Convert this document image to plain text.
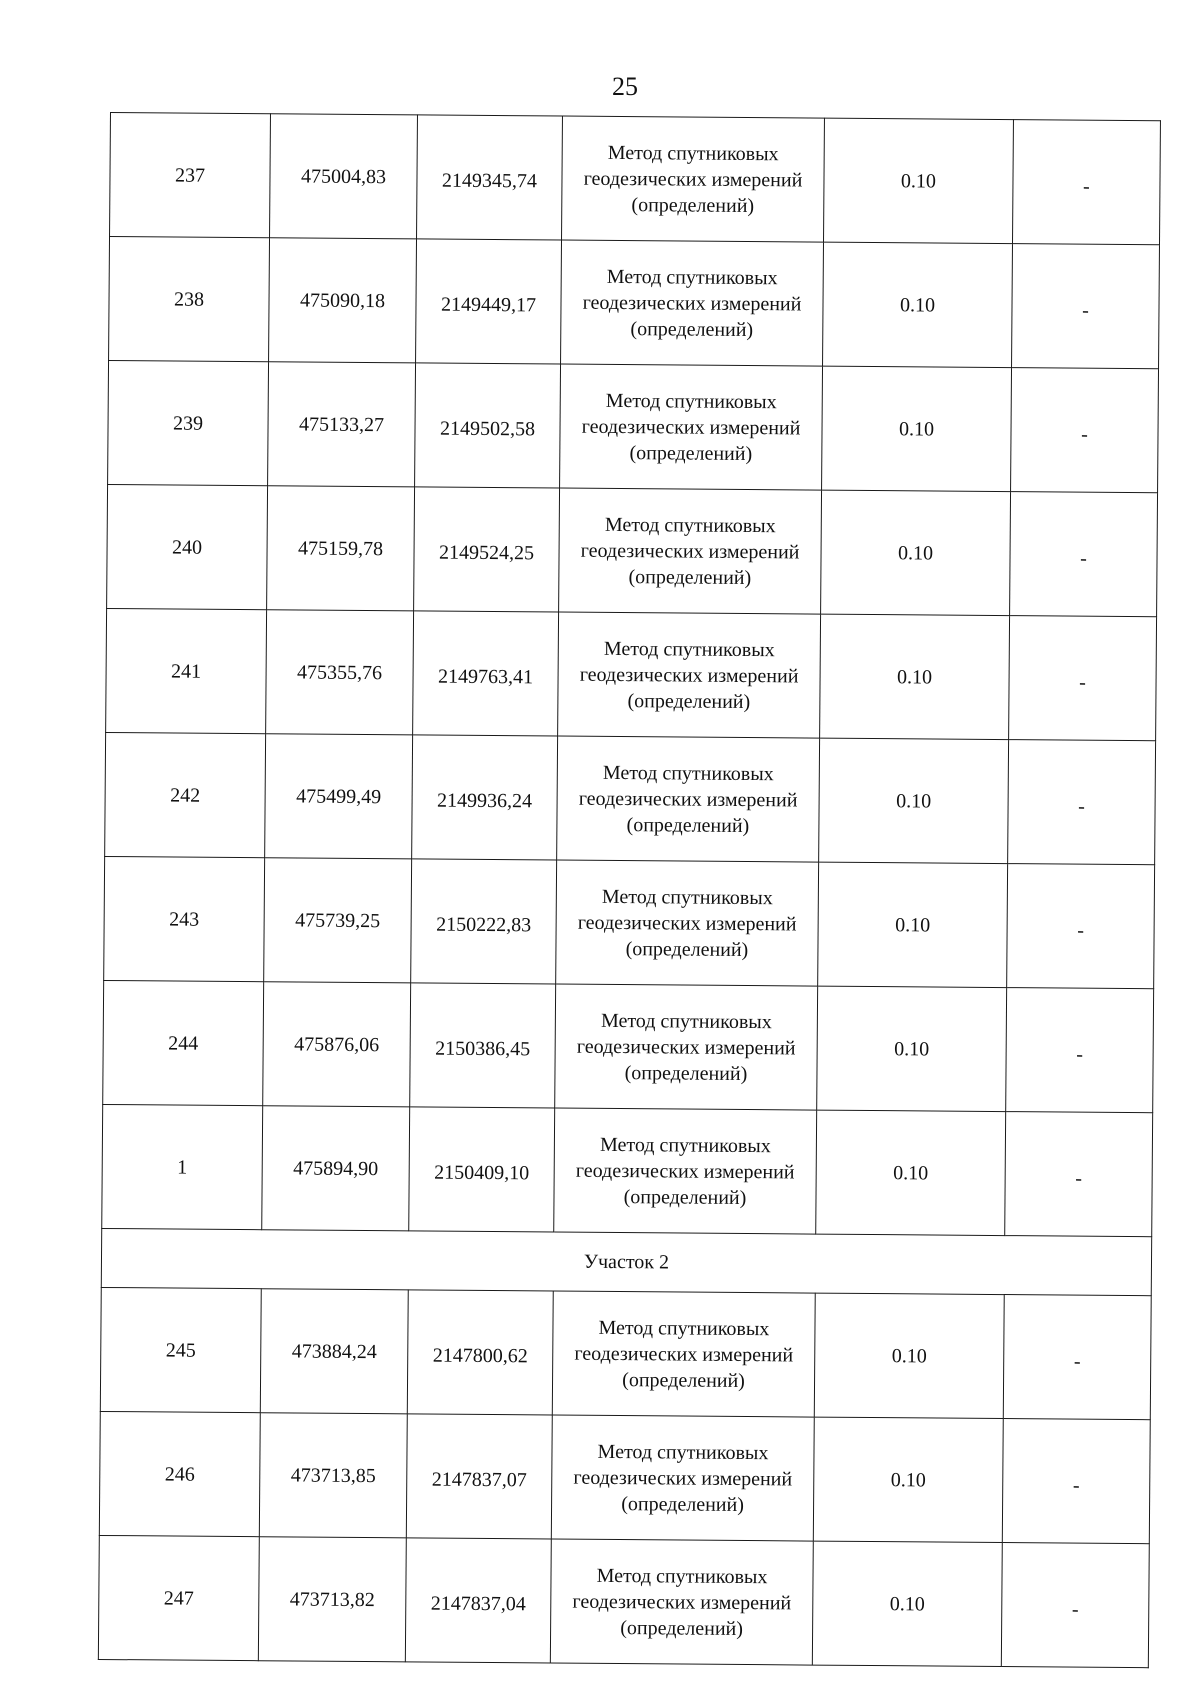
25
237	475004,83	2149345,74	Метод спутниковых геодезических измерений (определений)	0.10	-
238	475090,18	2149449,17	Метод спутниковых геодезических измерений (определений)	0.10	-
239	475133,27	2149502,58	Метод спутниковых геодезических измерений (определений)	0.10	-
240	475159,78	2149524,25	Метод спутниковых геодезических измерений (определений)	0.10	-
241	475355,76	2149763,41	Метод спутниковых геодезических измерений (определений)	0.10	-
242	475499,49	2149936,24	Метод спутниковых геодезических измерений (определений)	0.10	-
243	475739,25	2150222,83	Метод спутниковых геодезических измерений (определений)	0.10	-
244	475876,06	2150386,45	Метод спутниковых геодезических измерений (определений)	0.10	-
1	475894,90	2150409,10	Метод спутниковых геодезических измерений (определений)	0.10	-
Участок 2					
245	473884,24	2147800,62	Метод спутниковых геодезических измерений (определений)	0.10	-
246	473713,85	2147837,07	Метод спутниковых геодезических измерений (определений)	0.10	-
247	473713,82	2147837,04	Метод спутниковых геодезических измерений (определений)	0.10	-
